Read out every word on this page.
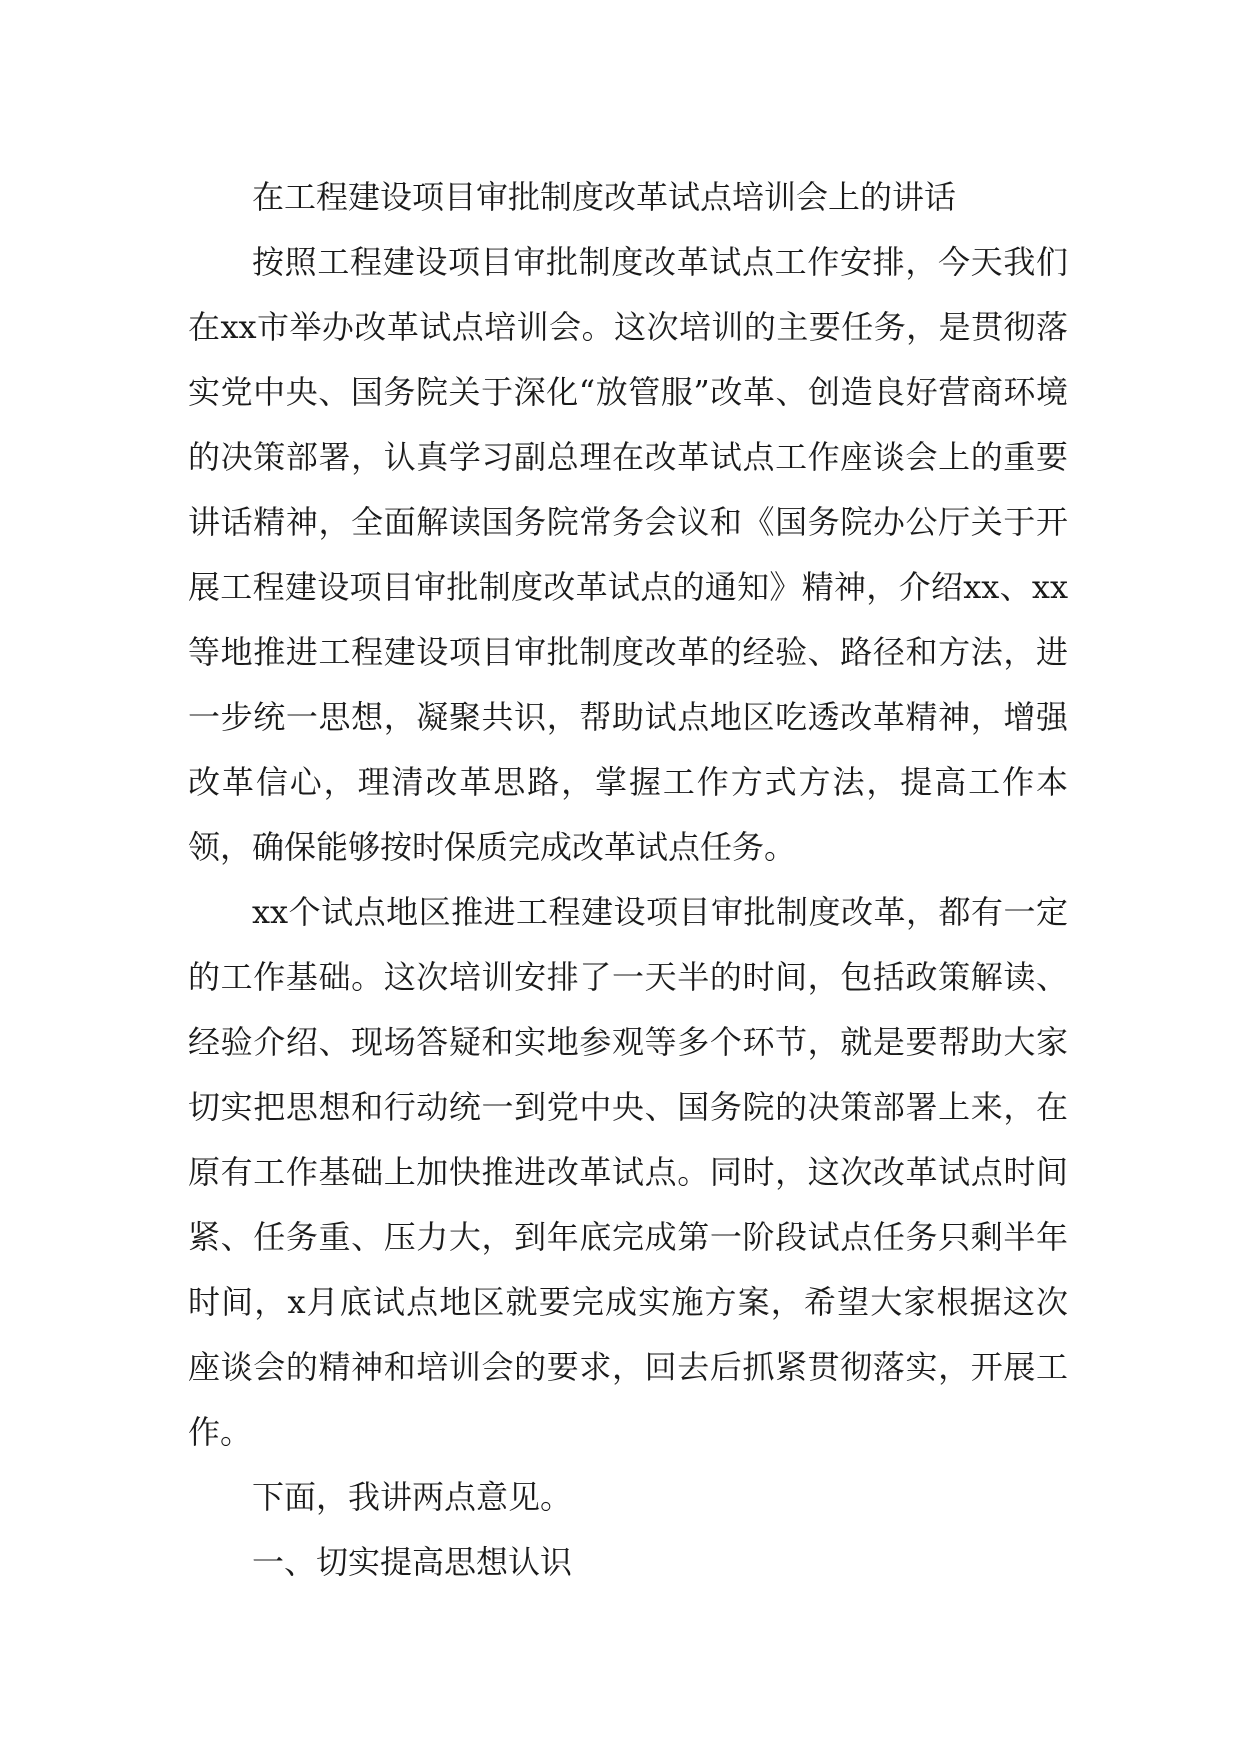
在工程建设项目审批制度改革试点培训会上的讲话

按照工程建设项目审批制度改革试点工作安排，今天我们在xx市举办改革试点培训会。这次培训的主要任务，是贯彻落实党中央、国务院关于深化“放管服”改革、创造良好营商环境的决策部署，认真学习副总理在改革试点工作座谈会上的重要讲话精神，全面解读国务院常务会议和《国务院办公厅关于开展工程建设项目审批制度改革试点的通知》精神，介绍xx、xx等地推进工程建设项目审批制度改革的经验、路径和方法，进一步统一思想，凝聚共识，帮助试点地区吃透改革精神，增强改革信心，理清改革思路，掌握工作方式方法，提高工作本领，确保能够按时保质完成改革试点任务。

xx个试点地区推进工程建设项目审批制度改革，都有一定的工作基础。这次培训安排了一天半的时间，包括政策解读、经验介绍、现场答疑和实地参观等多个环节，就是要帮助大家切实把思想和行动统一到党中央、国务院的决策部署上来，在原有工作基础上加快推进改革试点。同时，这次改革试点时间紧、任务重、压力大，到年底完成第一阶段试点任务只剩半年时间，x月底试点地区就要完成实施方案，希望大家根据这次座谈会的精神和培训会的要求，回去后抓紧贯彻落实，开展工作。

下面，我讲两点意见。

一、切实提高思想认识
